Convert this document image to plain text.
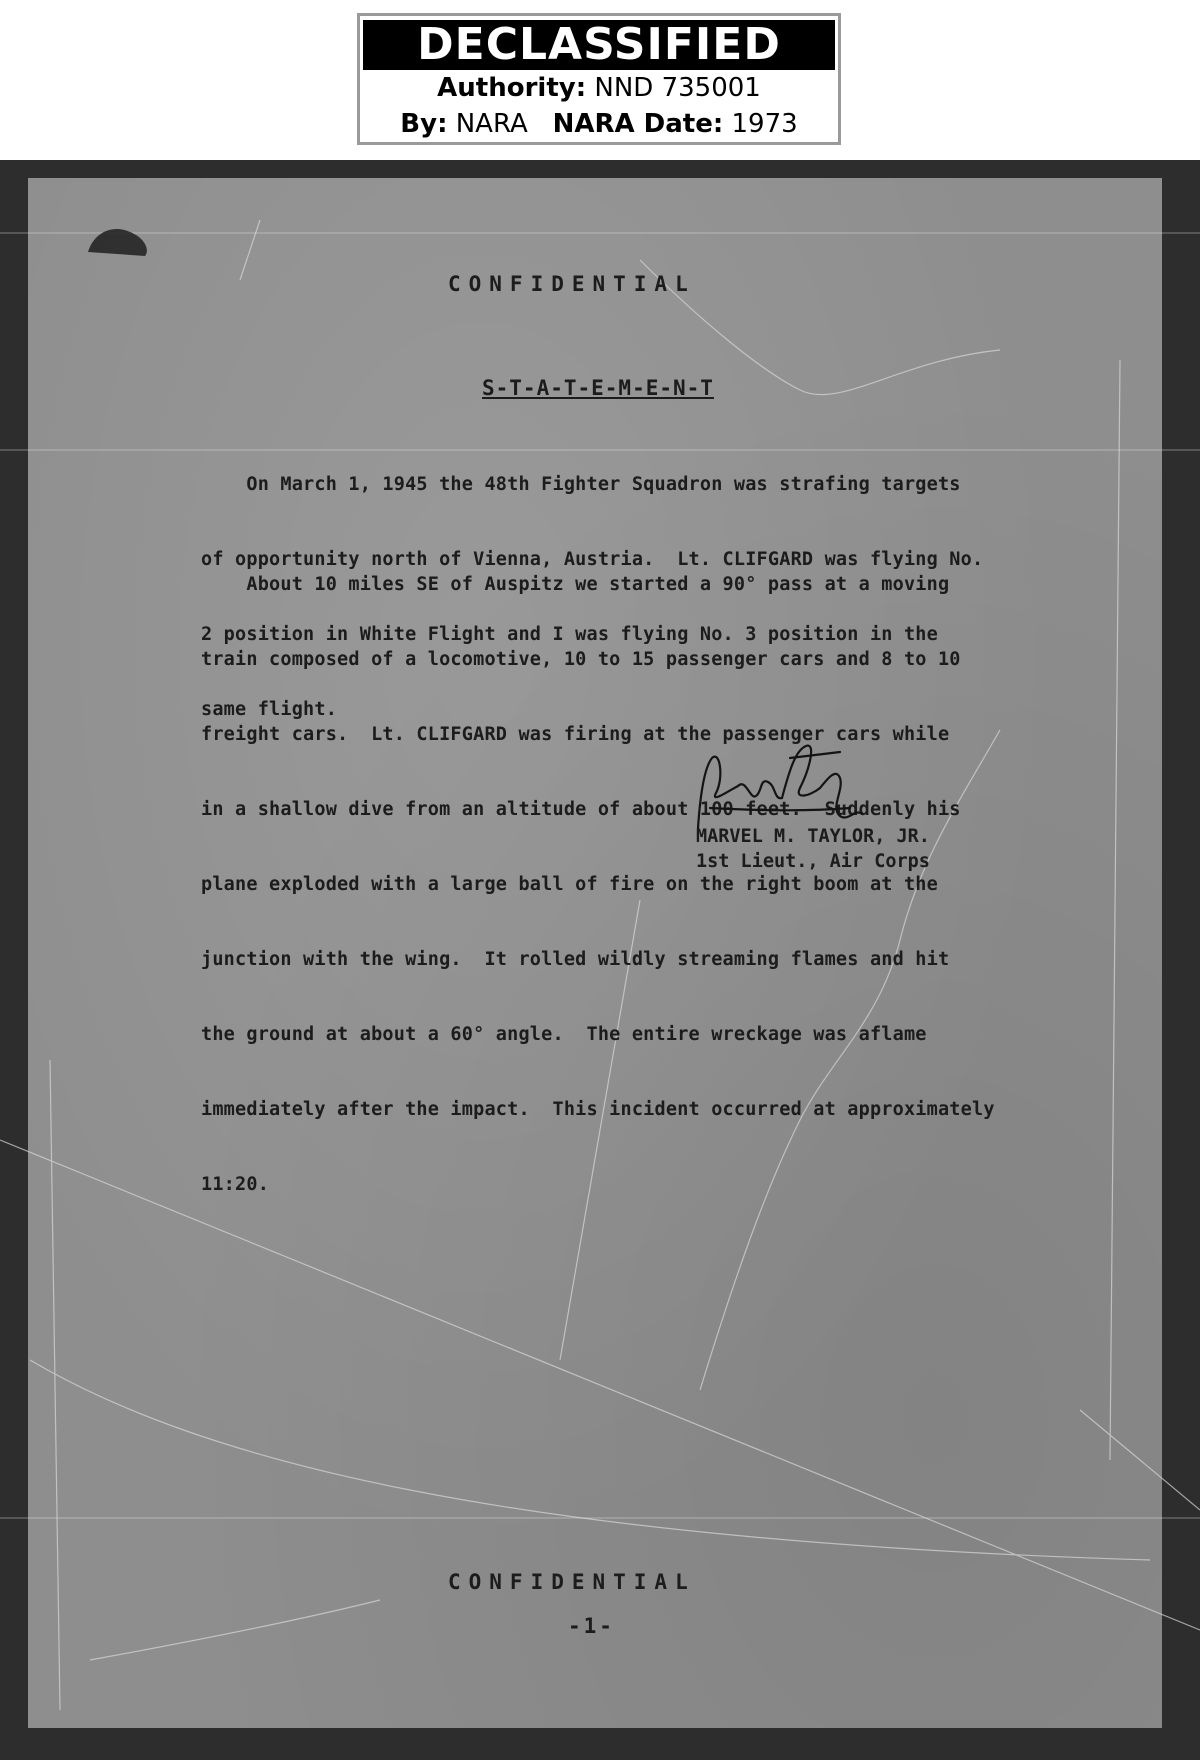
DECLASSIFIED
Authority: NND 735001
By: NARA NARA Date: 1973
CONFIDENTIAL
S-T-A-T-E-M-E-N-T

On March 1, 1945 the 48th Fighter Squadron was strafing targets

of opportunity north of Vienna, Austria.  Lt. CLIFGARD was flying No.

2 position in White Flight and I was flying No. 3 position in the

same flight.

About 10 miles SE of Auspitz we started a 90° pass at a moving

train composed of a locomotive, 10 to 15 passenger cars and 8 to 10

freight cars.  Lt. CLIFGARD was firing at the passenger cars while

in a shallow dive from an altitude of about 100 feet.  Suddenly his

plane exploded with a large ball of fire on the right boom at the

junction with the wing.  It rolled wildly streaming flames and hit

the ground at about a 60° angle.  The entire wreckage was aflame

immediately after the impact.  This incident occurred at approximately

11:20.

MARVEL M. TAYLOR, JR.
1st Lieut., Air Corps
CONFIDENTIAL
-1-
